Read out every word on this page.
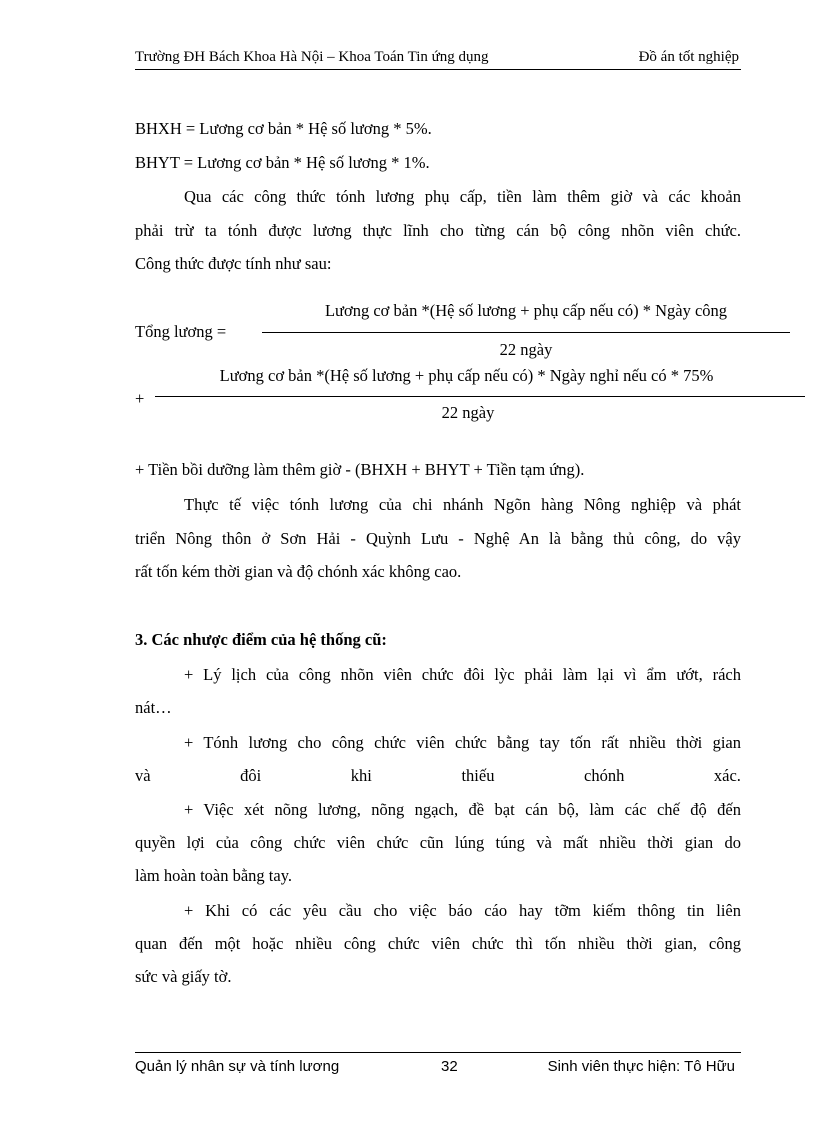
Trường ĐH Bách Khoa Hà Nội – Khoa Toán Tin ứng dụng	Đồ án tốt nghiệp
BHXH = Lương cơ bản * Hệ số lương * 5%.
BHYT = Lương cơ bản * Hệ số lương * 1%.
Qua các công thức tónh lương phụ cấp, tiền làm thêm giờ và các khoản
phải trừ ta tónh được lương thực lĩnh cho từng cán bộ công nhõn viên chức.
Công thức được tính như sau:
Tổng lương =
Lương cơ bản *(Hệ số lương + phụ cấp nếu có) * Ngày công
22 ngày
+
Lương cơ bản *(Hệ số lương + phụ cấp nếu có) * Ngày nghỉ nếu có * 75%
22 ngày
+ Tiền bồi dưỡng làm thêm giờ - (BHXH + BHYT + Tiền tạm ứng).
Thực tế việc tónh lương của chi nhánh Ngõn hàng Nông nghiệp và phát
triển Nông thôn ở Sơn Hải - Quỳnh Lưu - Nghệ An là bằng thủ công, do vậy
rất tốn kém thời gian và độ chónh xác không cao.
3. Các nhược điểm của hệ thống cũ:
+ Lý lịch của công nhõn viên chức đôi lỳc phải làm lại vì ẩm ướt, rách
nát…
+ Tónh lương cho công chức viên chức bằng tay tốn rất nhiều thời gian
và	đôi	khi	thiếu	chónh	xác.
+ Việc xét nõng lương, nõng ngạch, đề bạt cán bộ, làm các chế độ đến
quyền lợi của công chức viên chức cũn lúng túng và mất nhiều thời gian do
làm hoàn toàn bằng tay.
+ Khi có các yêu cầu cho việc báo cáo hay tỡm kiếm thông tin liên
quan đến một hoặc nhiều công chức viên chức thì tốn nhiều thời gian, công
sức và giấy tờ.
Quản lý nhân sự và tính lương	32	Sinh viên thực hiện: Tô Hữu
